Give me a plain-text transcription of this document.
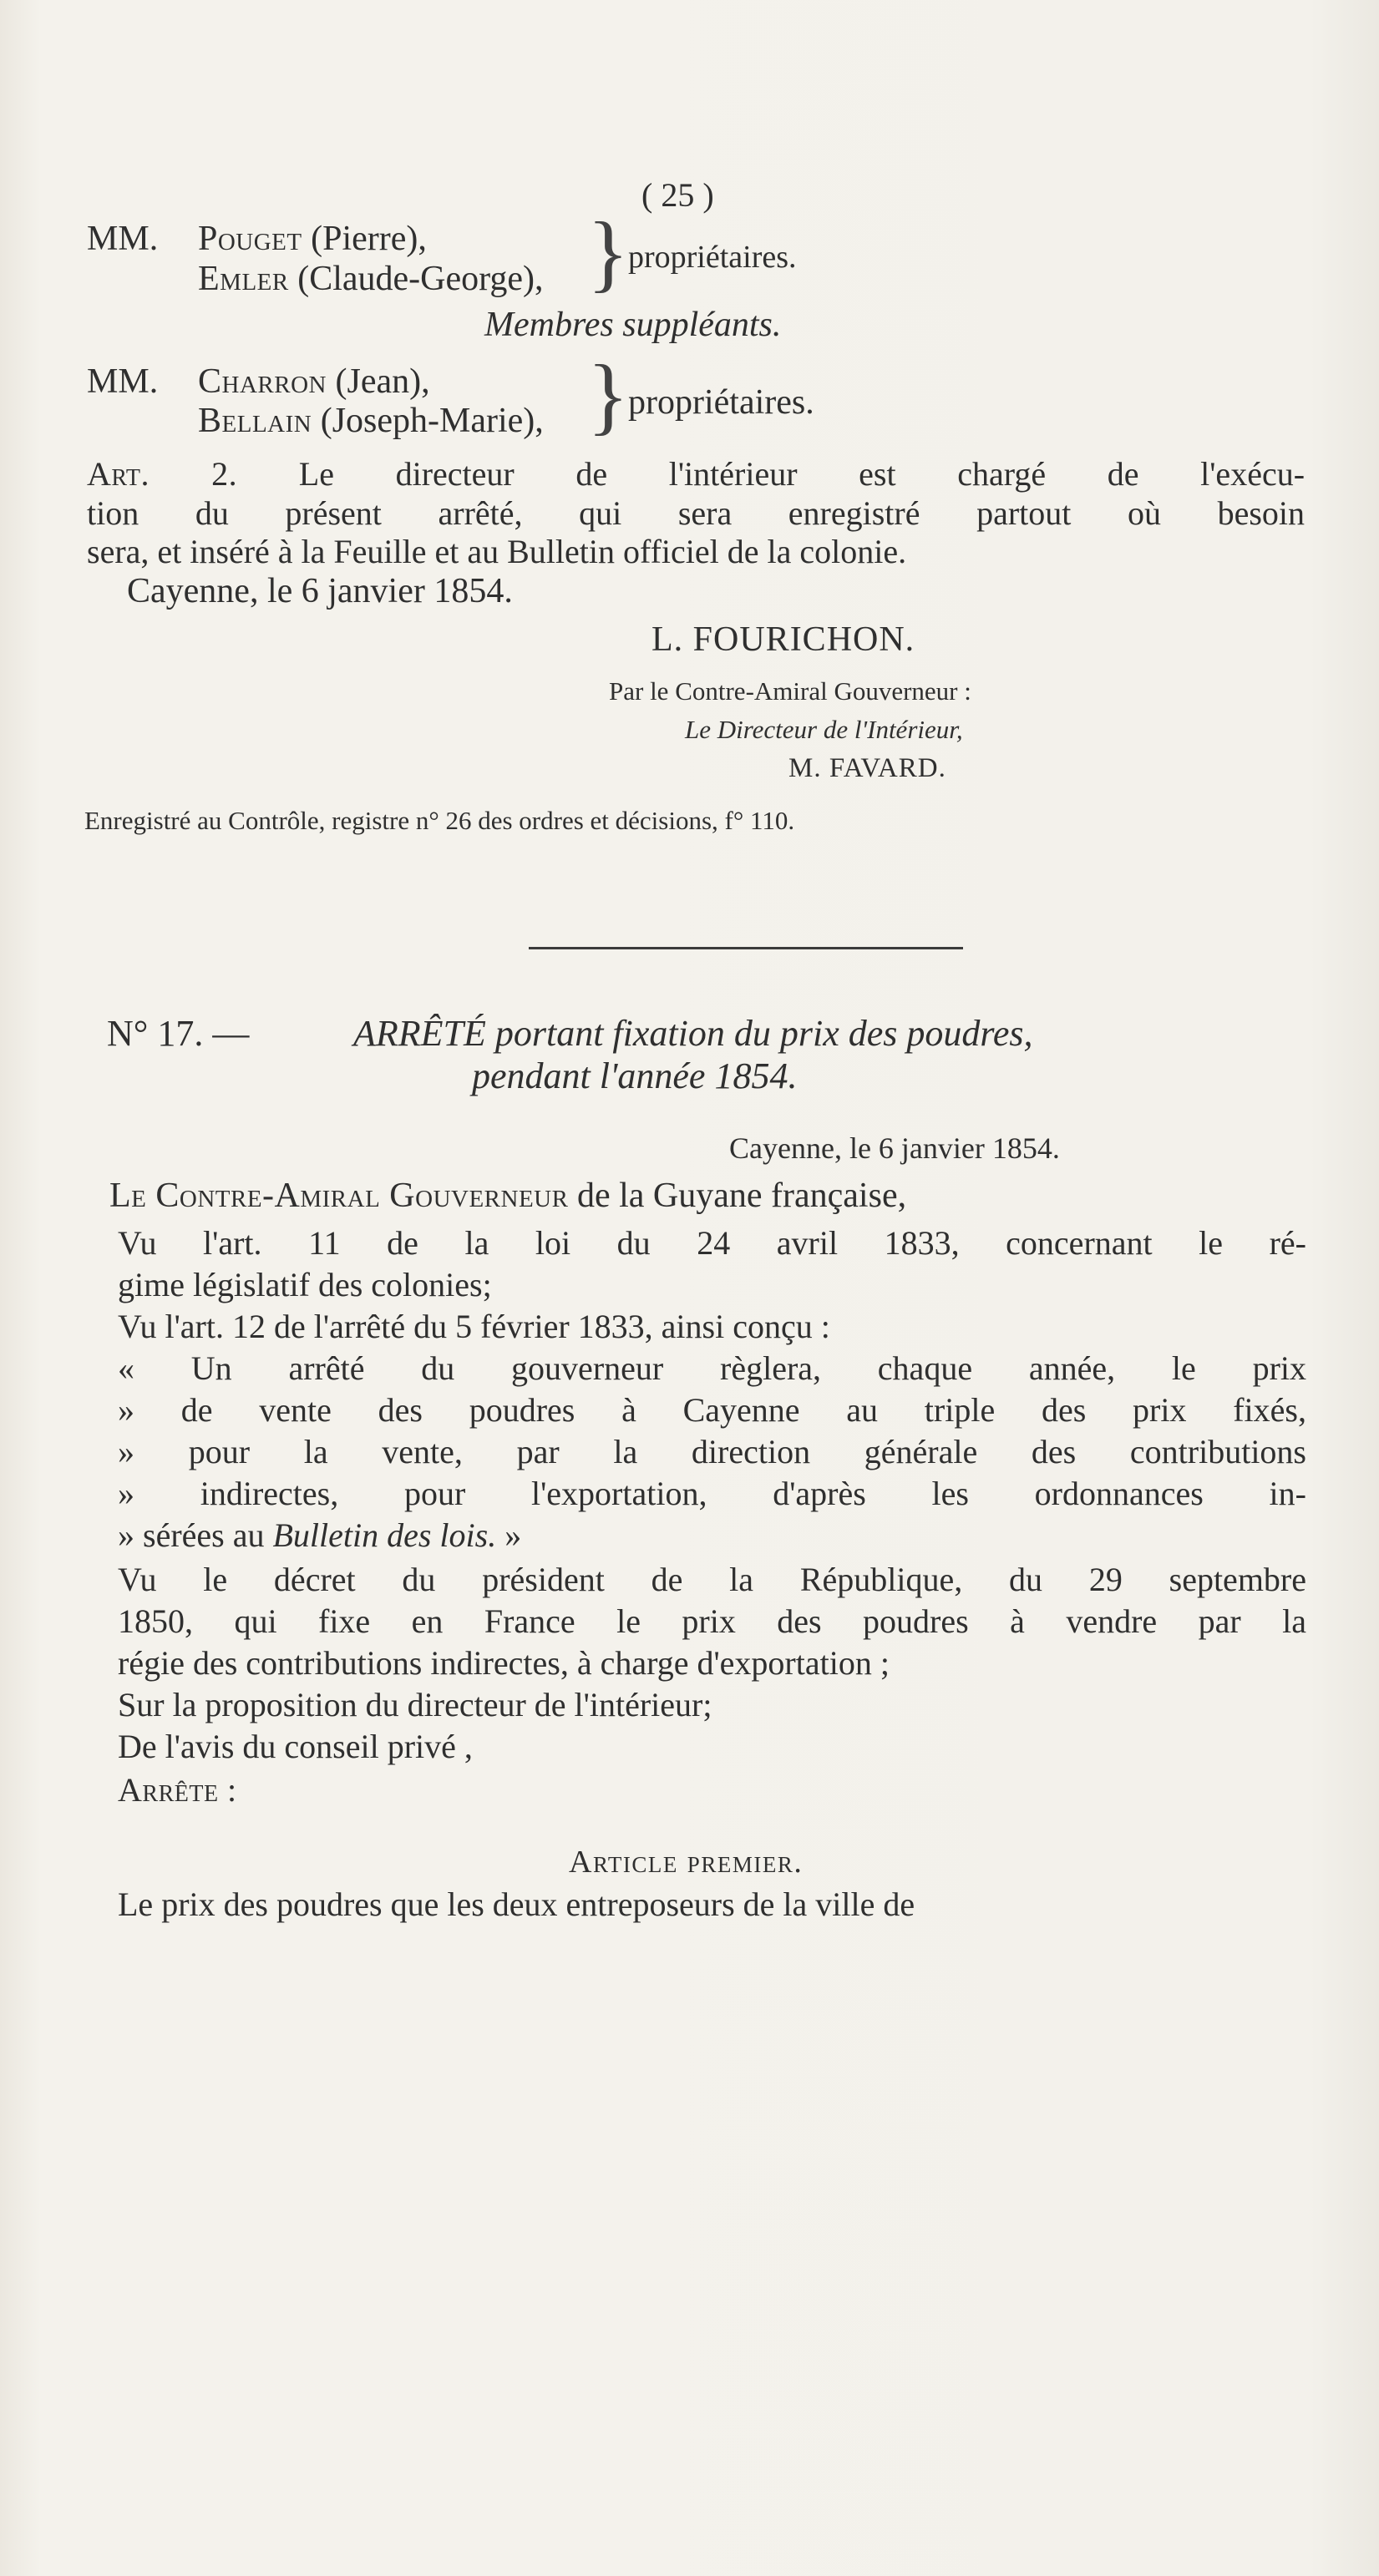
( 25 )
MM. Pouget (Pierre),
Emler (Claude-George), } propriétaires.
Membres suppléants.
MM. Charron (Jean),
Bellain (Joseph-Marie), } propriétaires.
Art. 2. Le directeur de l'intérieur est chargé de l'exécu-
tion du présent arrêté, qui sera enregistré partout où besoin
sera, et inséré à la Feuille et au Bulletin officiel de la colonie.
Cayenne, le 6 janvier 1854.
L. FOURICHON.
Par le Contre-Amiral Gouverneur :
Le Directeur de l'Intérieur,
M. FAVARD.
Enregistré au Contrôle, registre n° 26 des ordres et décisions, f° 110.
N° 17. —	ARRÊTÉ portant fixation du prix des poudres,
pendant l'année 1854.
Cayenne, le 6 janvier 1854.
Le Contre-Amiral Gouverneur de la Guyane française,
Vu l'art. 11 de la loi du 24 avril 1833, concernant le ré-
gime législatif des colonies;
Vu l'art. 12 de l'arrêté du 5 février 1833, ainsi conçu :
« Un arrêté du gouverneur règlera, chaque année, le prix
» de vente des poudres à Cayenne au triple des prix fixés,
» pour la vente, par la direction générale des contributions
» indirectes, pour l'exportation, d'après les ordonnances in-
» sérées au Bulletin des lois. »
Vu le décret du président de la République, du 29 septembre
1850, qui fixe en France le prix des poudres à vendre par la
régie des contributions indirectes, à charge d'exportation ;
Sur la proposition du directeur de l'intérieur;
De l'avis du conseil privé ,
Arrête :
Article premier.
Le prix des poudres que les deux entreposeurs de la ville de
